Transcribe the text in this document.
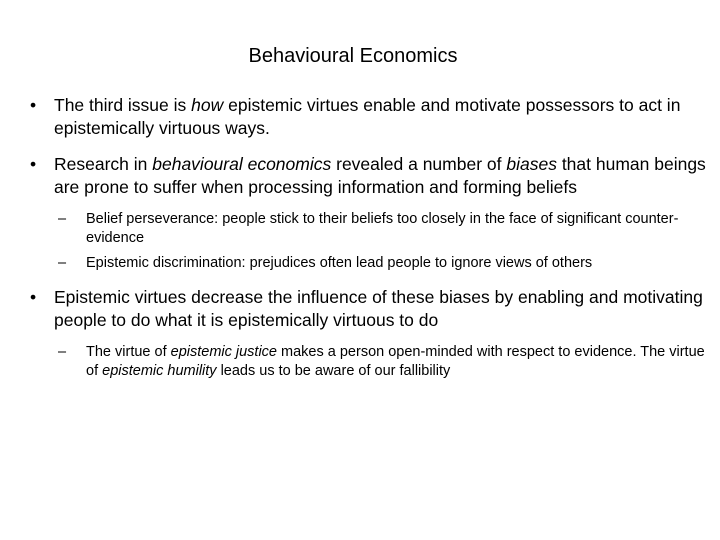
Behavioural Economics
• The third issue is how epistemic virtues enable and motivate possessors to act in epistemically virtuous ways.
• Research in behavioural economics revealed a number of biases that human beings are prone to suffer when processing information and forming beliefs
– Belief perseverance: people stick to their beliefs too closely in the face of significant counter-evidence
– Epistemic discrimination: prejudices often lead people to ignore views of others
• Epistemic virtues decrease the influence of these biases by enabling and motivating people to do what it is epistemically virtuous to do
– The virtue of epistemic justice makes a person open-minded with respect to evidence. The virtue of epistemic humility leads us to be aware of our fallibility
